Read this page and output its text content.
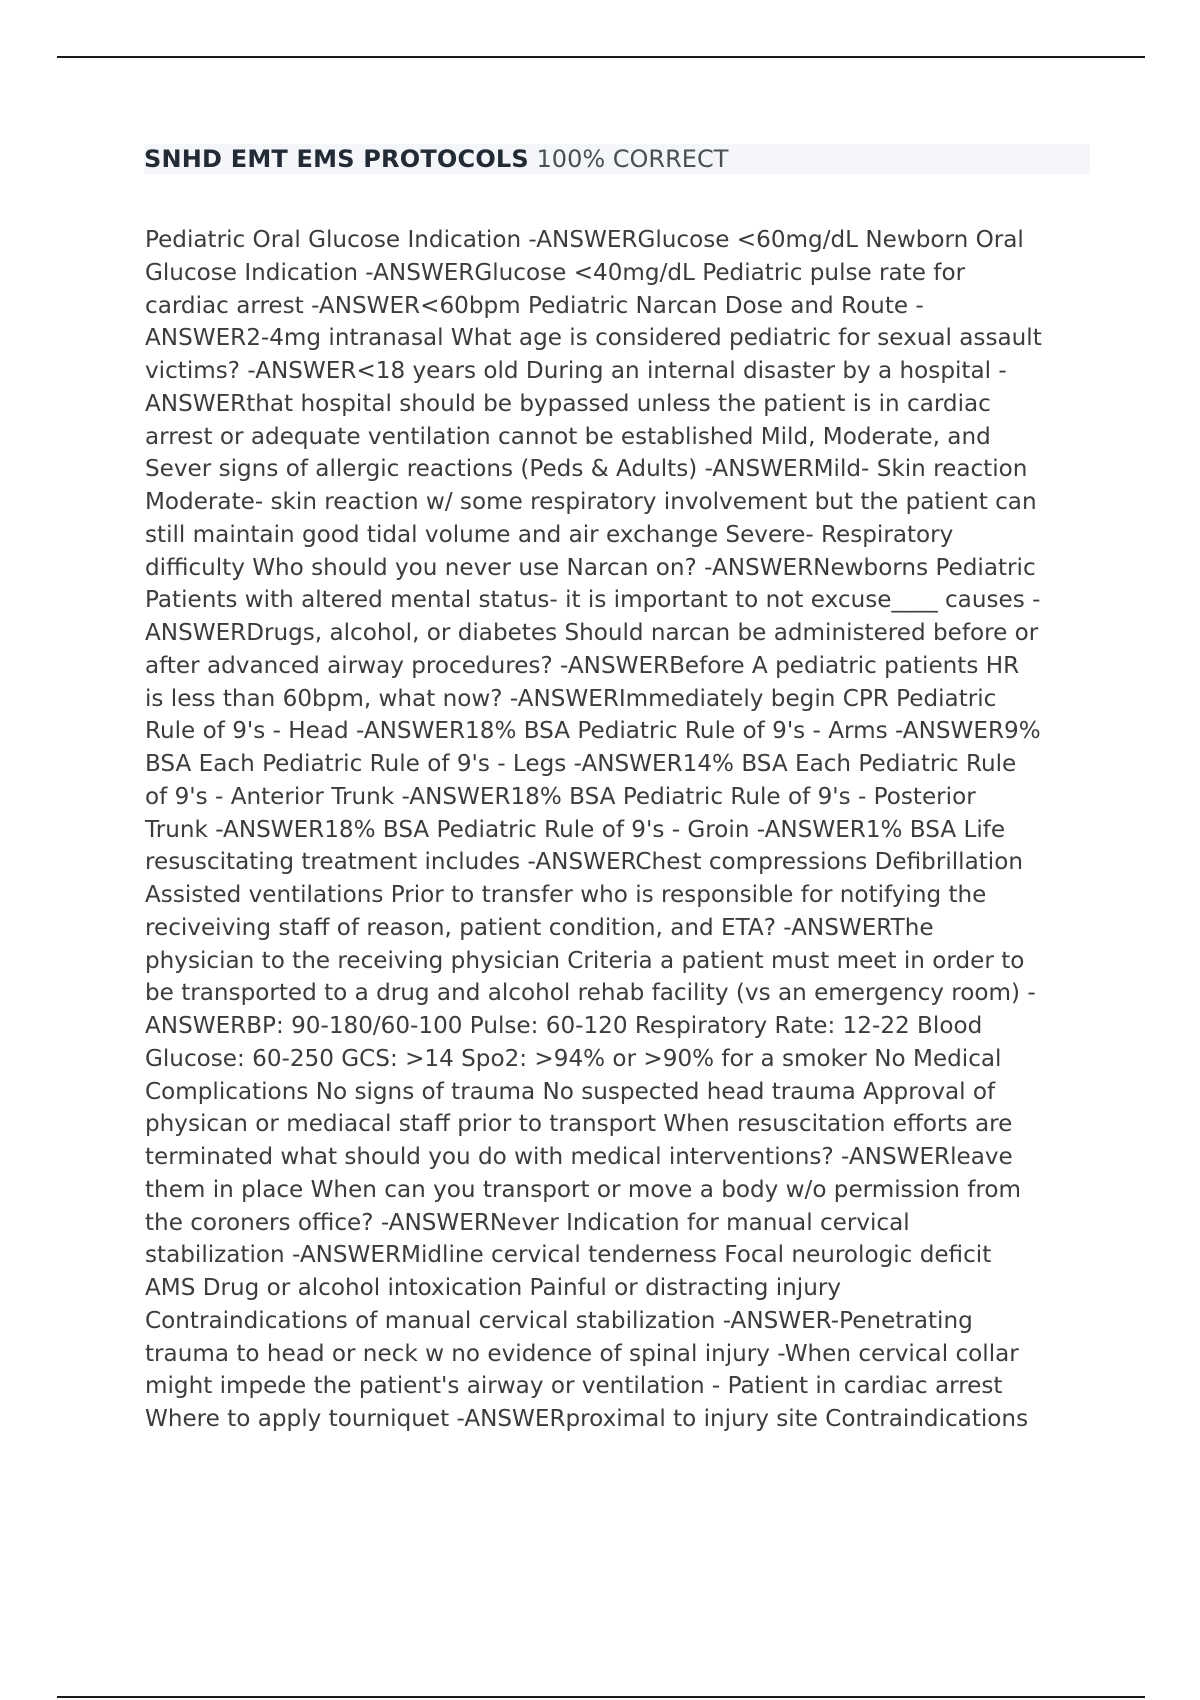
SNHD EMT EMS PROTOCOLS 100% CORRECT
Pediatric Oral Glucose Indication -ANSWERGlucose <60mg/dL Newborn Oral
Glucose Indication -ANSWERGlucose <40mg/dL Pediatric pulse rate for
cardiac arrest -ANSWER<60bpm Pediatric Narcan Dose and Route -
ANSWER2-4mg intranasal What age is considered pediatric for sexual assault
victims? -ANSWER<18 years old During an internal disaster by a hospital -
ANSWERthat hospital should be bypassed unless the patient is in cardiac
arrest or adequate ventilation cannot be established Mild, Moderate, and
Sever signs of allergic reactions (Peds & Adults) -ANSWERMild- Skin reaction
Moderate- skin reaction w/ some respiratory involvement but the patient can
still maintain good tidal volume and air exchange Severe- Respiratory
difficulty Who should you never use Narcan on? -ANSWERNewborns Pediatric
Patients with altered mental status- it is important to not excuse____ causes -
ANSWERDrugs, alcohol, or diabetes Should narcan be administered before or
after advanced airway procedures? -ANSWERBefore A pediatric patients HR
is less than 60bpm, what now? -ANSWERImmediately begin CPR Pediatric
Rule of 9's - Head -ANSWER18% BSA Pediatric Rule of 9's - Arms -ANSWER9%
BSA Each Pediatric Rule of 9's - Legs -ANSWER14% BSA Each Pediatric Rule
of 9's - Anterior Trunk -ANSWER18% BSA Pediatric Rule of 9's - Posterior
Trunk -ANSWER18% BSA Pediatric Rule of 9's - Groin -ANSWER1% BSA Life
resuscitating treatment includes -ANSWERChest compressions Defibrillation
Assisted ventilations Prior to transfer who is responsible for notifying the
reciveiving staff of reason, patient condition, and ETA? -ANSWERThe
physician to the receiving physician Criteria a patient must meet in order to
be transported to a drug and alcohol rehab facility (vs an emergency room) -
ANSWERBP: 90-180/60-100 Pulse: 60-120 Respiratory Rate: 12-22 Blood
Glucose: 60-250 GCS: >14 Spo2: >94% or >90% for a smoker No Medical
Complications No signs of trauma No suspected head trauma Approval of
physican or mediacal staff prior to transport When resuscitation efforts are
terminated what should you do with medical interventions? -ANSWERleave
them in place When can you transport or move a body w/o permission from
the coroners office? -ANSWERNever Indication for manual cervical
stabilization -ANSWERMidline cervical tenderness Focal neurologic deficit
AMS Drug or alcohol intoxication Painful or distracting injury
Contraindications of manual cervical stabilization -ANSWER-Penetrating
trauma to head or neck w no evidence of spinal injury -When cervical collar
might impede the patient's airway or ventilation - Patient in cardiac arrest
Where to apply tourniquet -ANSWERproximal to injury site Contraindications
